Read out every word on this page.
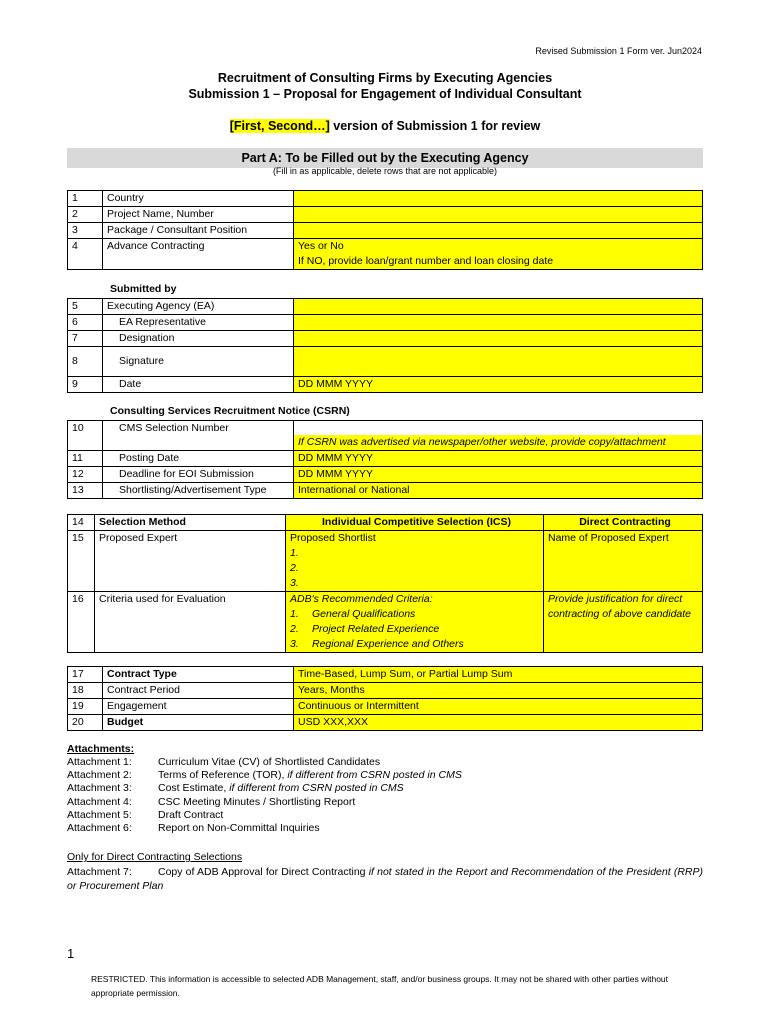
Revised Submission 1 Form ver. Jun2024
Recruitment of Consulting Firms by Executing Agencies
Submission 1 – Proposal for Engagement of Individual Consultant
[First, Second…] version of Submission 1 for review
Part A: To be Filled out by the Executing Agency
(Fill in as applicable, delete rows that are not applicable)
1	Country	
2	Project Name, Number	
3	Package / Consultant Position	
4	Advance Contracting	Yes or No
If NO, provide loan/grant number and loan closing date
Submitted by
5	Executing Agency (EA)	
6	EA Representative	
7	Designation	
8	Signature	
9	Date	DD MMM YYYY
Consulting Services Recruitment Notice (CSRN)
10	CMS Selection Number	If CSRN was advertised via newspaper/other website, provide copy/attachment

11	Posting Date	DD MMM YYYY
12	Deadline for EOI Submission	DD MMM YYYY
13	Shortlisting/Advertisement Type	International or National
14	Selection Method	Individual Competitive Selection (ICS)	Direct Contracting
15	Proposed Expert	Proposed Shortlist
1.
2.
3.	Name of Proposed Expert
16	Criteria used for Evaluation	ADB's Recommended Criteria:
1. General Qualifications
2. Project Related Experience
3. Regional Experience and Others	Provide justification for direct contracting of above candidate
17	Contract Type	Time-Based, Lump Sum, or Partial Lump Sum
18	Contract Period	Years, Months
19	Engagement	Continuous or Intermittent
20	Budget	USD XXX,XXX
Attachments:
Attachment 1: Curriculum Vitae (CV) of Shortlisted Candidates
Attachment 2: Terms of Reference (TOR), if different from CSRN posted in CMS
Attachment 3: Cost Estimate, if different from CSRN posted in CMS
Attachment 4: CSC Meeting Minutes / Shortlisting Report
Attachment 5: Draft Contract
Attachment 6: Report on Non-Committal Inquiries
Only for Direct Contracting Selections
Attachment 7: Copy of ADB Approval for Direct Contracting if not stated in the Report and Recommendation of the President (RRP) or Procurement Plan
1
RESTRICTED. This information is accessible to selected ADB Management, staff, and/or business groups. It may not be shared with other parties without appropriate permission.
